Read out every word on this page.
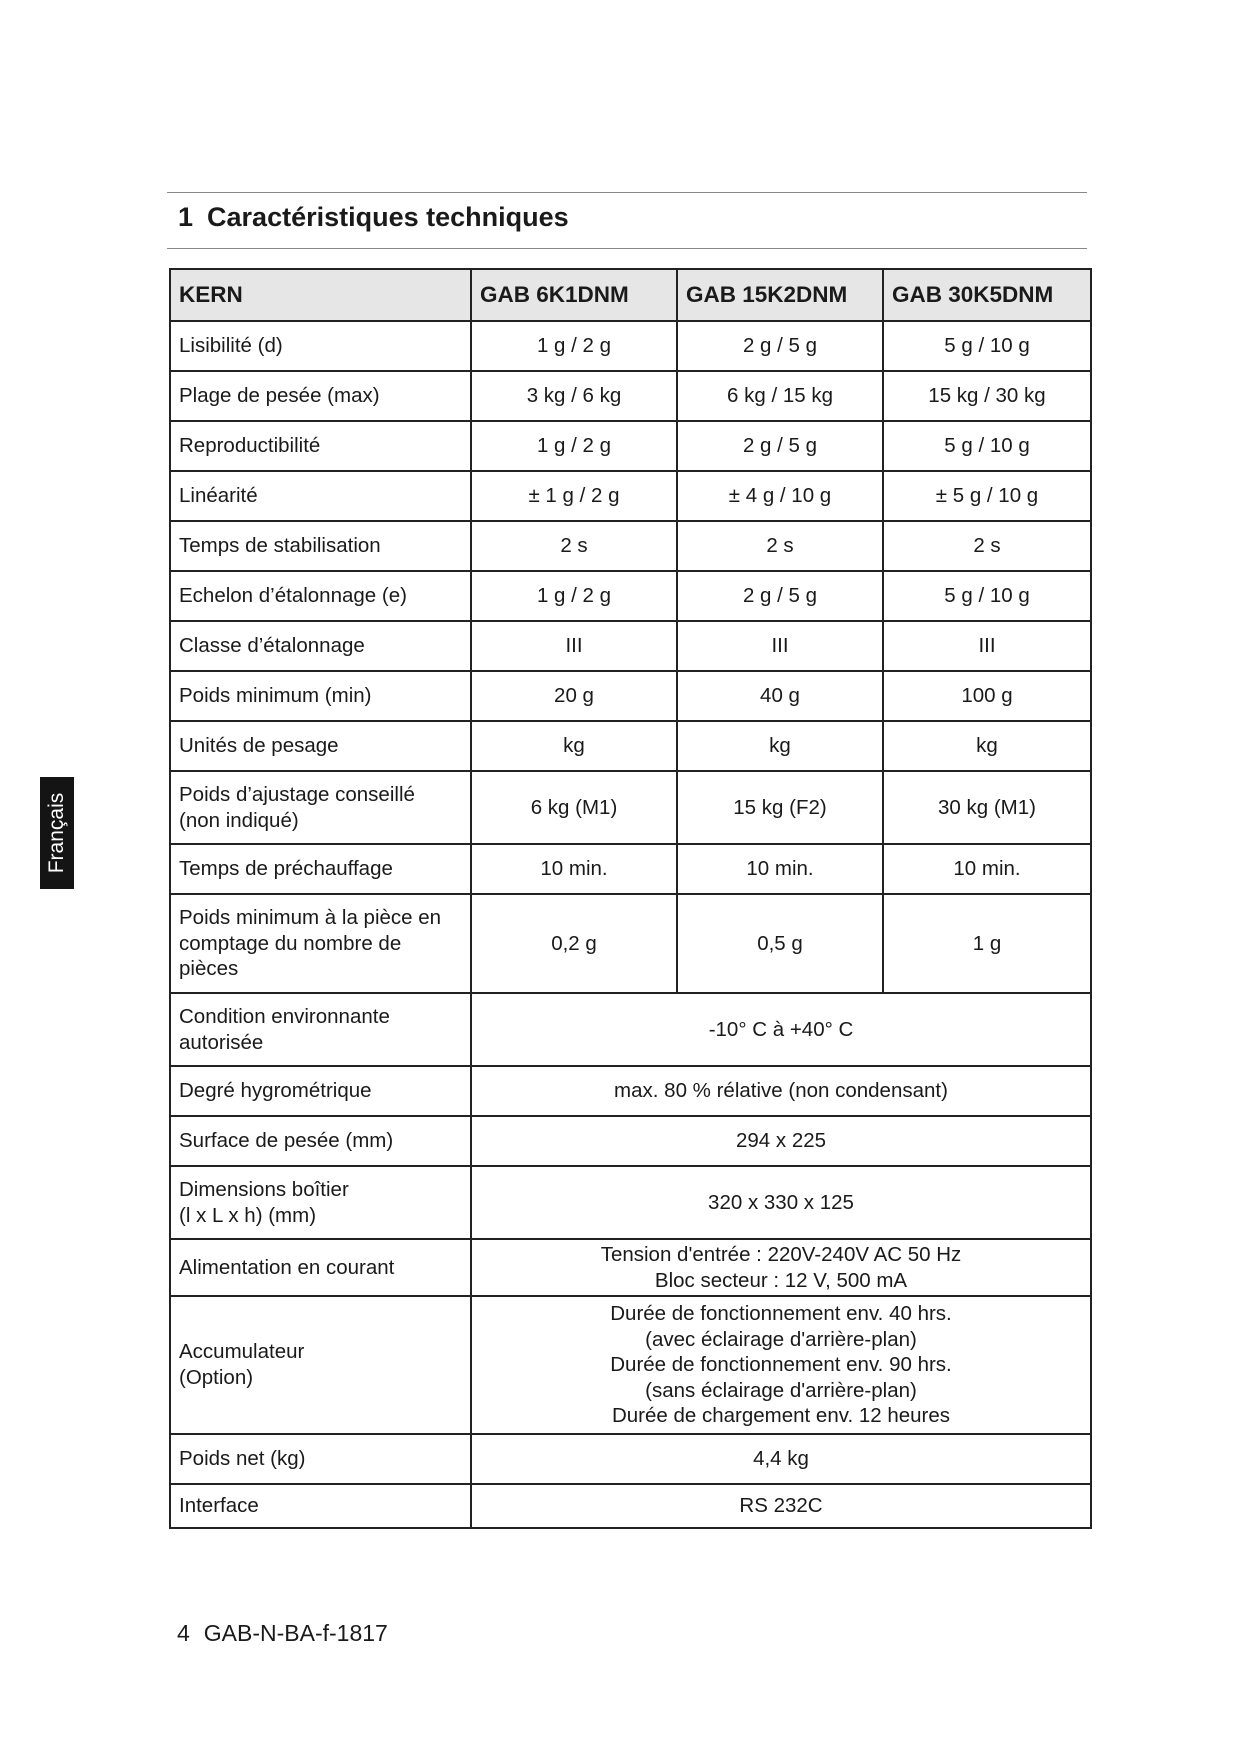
1 Caractéristiques techniques
KERN	GAB 6K1DNM	GAB 15K2DNM	GAB 30K5DNM
Lisibilité (d)	1 g / 2 g	2 g / 5 g	5 g / 10 g
Plage de pesée (max)	3 kg / 6 kg	6 kg / 15 kg	15 kg / 30 kg
Reproductibilité	1 g / 2 g	2 g / 5 g	5 g / 10 g
Linéarité	± 1 g / 2 g	± 4 g / 10 g	± 5 g / 10 g
Temps de stabilisation	2 s	2 s	2 s
Echelon d’étalonnage (e)	1 g / 2 g	2 g / 5 g	5 g / 10 g
Classe d’étalonnage	III	III	III
Poids minimum (min)	20 g	40 g	100 g
Unités de pesage	kg	kg	kg
Poids d’ajustage conseillé
(non indiqué)	6 kg (M1)	15 kg (F2)	30 kg (M1)
Temps de préchauffage	10 min.	10 min.	10 min.
Poids minimum à la pièce en
comptage du nombre de
pièces	0,2 g	0,5 g	1 g
Condition environnante
autorisée	-10° C à +40° C		
Degré hygrométrique	max. 80 % rélative (non condensant)		
Surface de pesée (mm)	294 x 225		
Dimensions boîtier
(l x L x h) (mm)	320 x 330 x 125		
Alimentation en courant	Tension d'entrée : 220V-240V AC 50 Hz
Bloc secteur : 12 V, 500 mA		
Accumulateur
(Option)	Durée de fonctionnement env. 40 hrs.
(avec éclairage d'arrière-plan)
Durée de fonctionnement env. 90 hrs.
(sans éclairage d'arrière-plan)
Durée de chargement env. 12 heures		
Poids net (kg)	4,4 kg		
Interface	RS 232C		
Français
4 GAB-N-BA-f-1817
